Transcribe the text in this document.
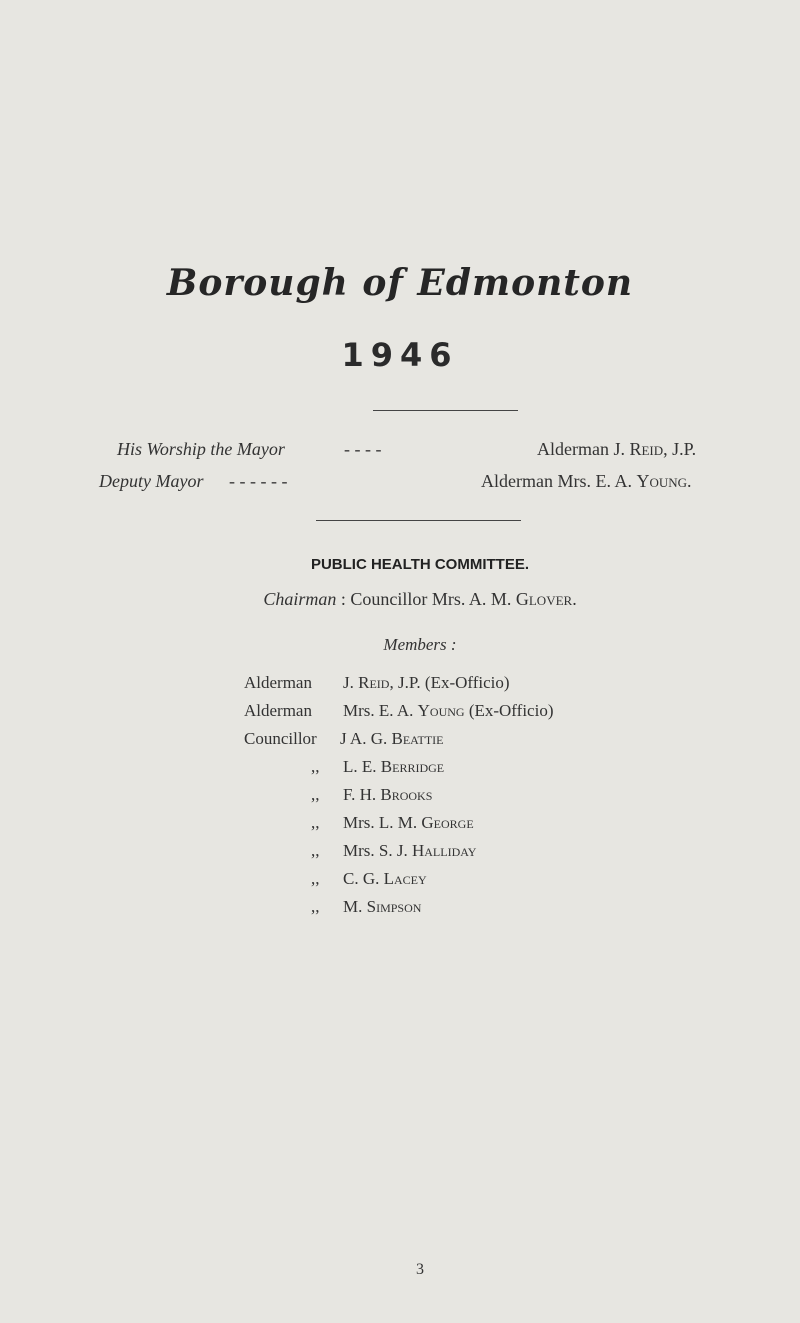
Borough of Edmonton
1946
His Worship the Mayor	- - - -	Alderman J. Reid, J.P.
Deputy Mayor - - - - - -	Alderman Mrs. E. A. Young.
PUBLIC HEALTH COMMITTEE.
Chairman : Councillor Mrs. A. M. Glover.
Members :
Alderman J. Reid, J.P. (Ex-Officio)
Alderman Mrs. E. A. Young (Ex-Officio)
Councillor J A. G. Beattie
,, L. E. Berridge
,, F. H. Brooks
,, Mrs. L. M. George
,, Mrs. S. J. Halliday
,, C. G. Lacey
,, M. Simpson
3
